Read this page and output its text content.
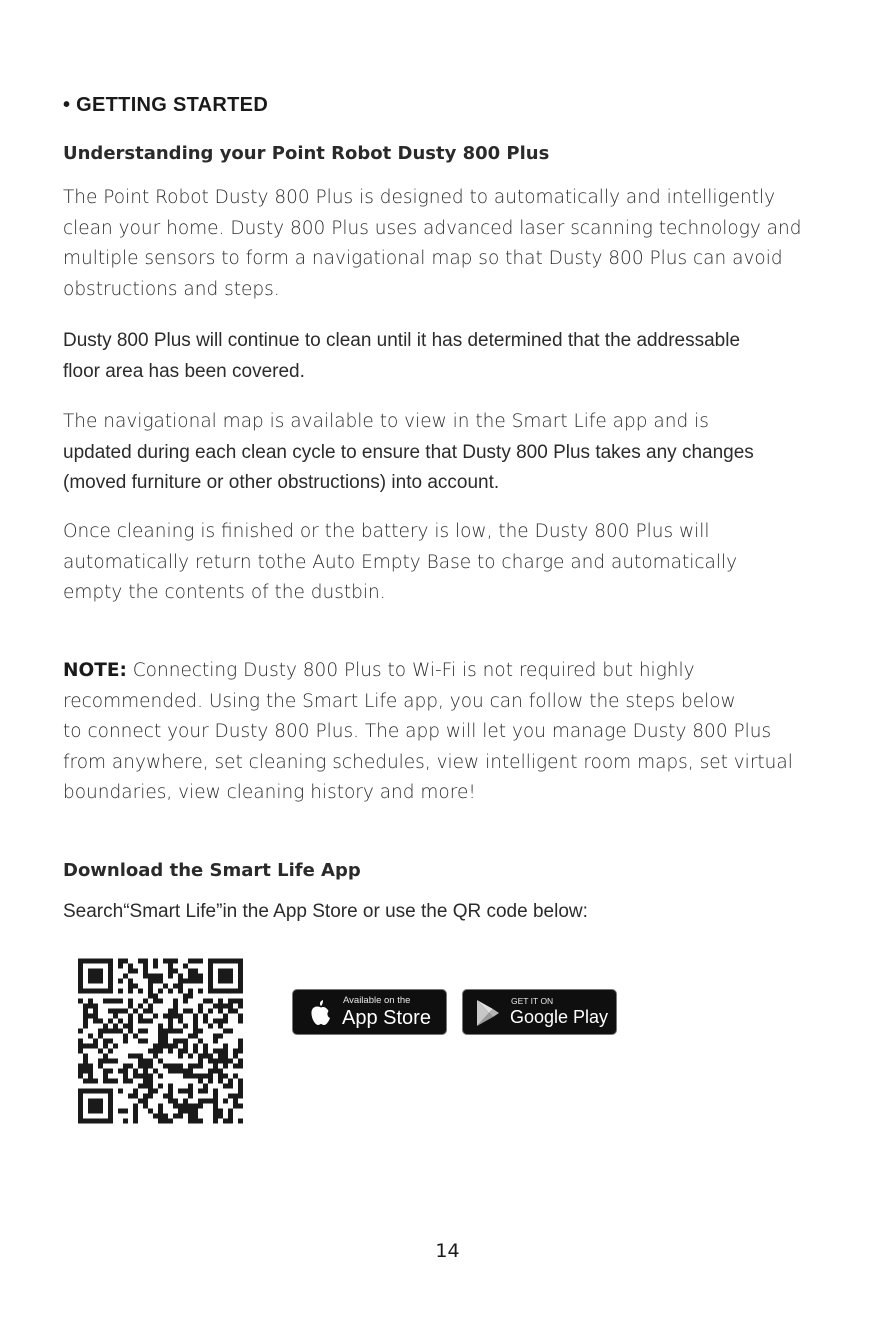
• GETTING STARTED
Understanding your Point Robot Dusty 800 Plus

The Point Robot Dusty 800 Plus is designed to automatically and intelligently
clean your home. Dusty 800 Plus uses advanced laser scanning technology and
multiple sensors to form a navigational map so that Dusty 800 Plus can avoid
obstructions and steps.

Dusty 800 Plus will continue to clean until it has determined that the addressable
floor area has been covered.

The navigational map is available to view in the Smart Life app and is
updated during each clean cycle to ensure that Dusty 800 Plus takes any changes
(moved furniture or other obstructions) into account.

Once cleaning is finished or the battery is low, the Dusty 800 Plus will
automatically return tothe Auto Empty Base to charge and automatically
empty the contents of the dustbin.

NOTE: Connecting Dusty 800 Plus to Wi-Fi is not required but highly
recommended. Using the Smart Life app, you can follow the steps below
to connect your Dusty 800 Plus. The app will let you manage Dusty 800 Plus
from anywhere, set cleaning schedules, view intelligent room maps, set virtual
boundaries, view cleaning history and more!

Download the Smart Life App

Search“Smart Life”in the App Store or use the QR code below:

Available on the
App Store
GET IT ON
Google Play

14
